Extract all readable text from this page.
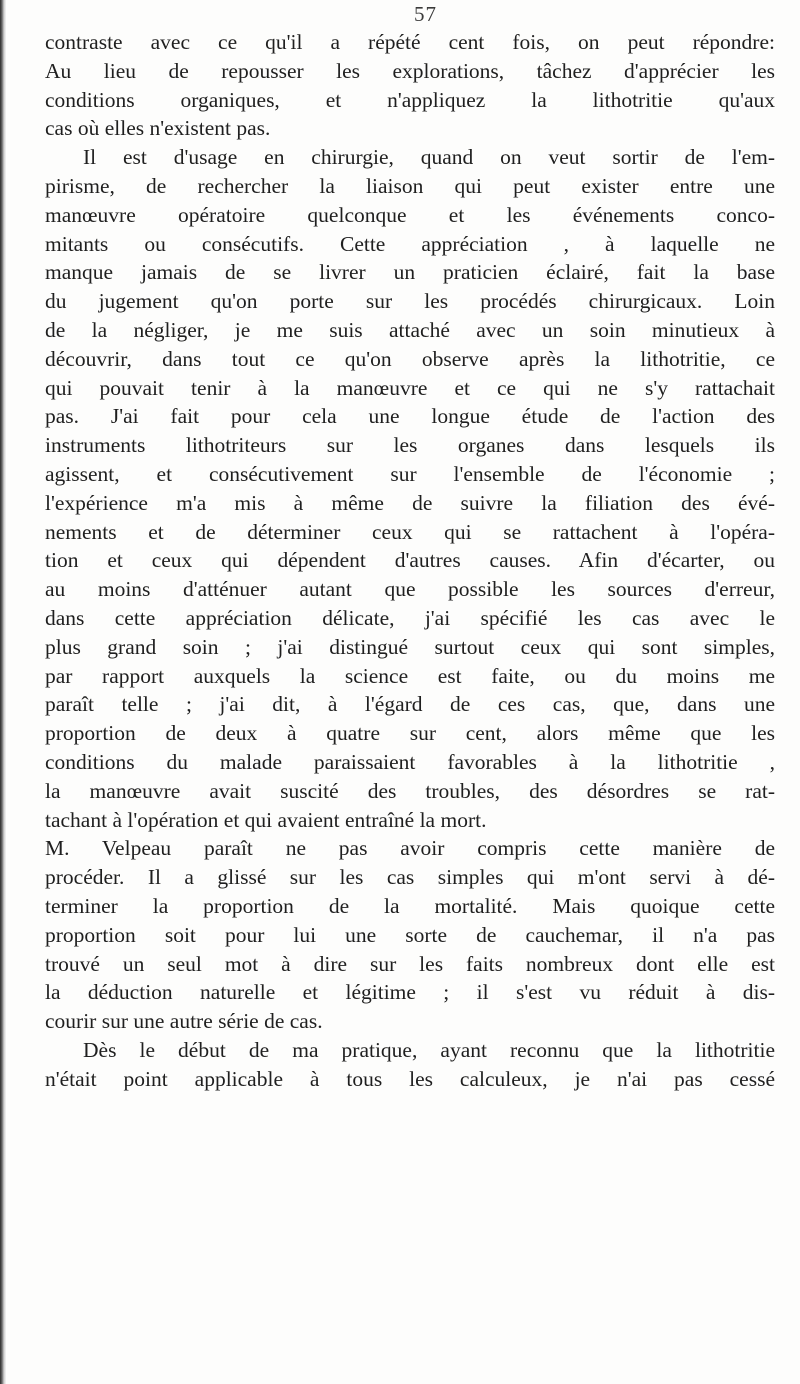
57
contraste avec ce qu'il a répété cent fois, on peut répondre:
Au lieu de repousser les explorations, tâchez d'apprécier les
conditions organiques, et n'appliquez la lithotritie qu'aux
cas où elles n'existent pas.
Il est d'usage en chirurgie, quand on veut sortir de l'em-
pirisme, de rechercher la liaison qui peut exister entre une
manœuvre opératoire quelconque et les événements conco-
mitants ou consécutifs. Cette appréciation , à laquelle ne
manque jamais de se livrer un praticien éclairé, fait la base
du jugement qu'on porte sur les procédés chirurgicaux. Loin
de la négliger, je me suis attaché avec un soin minutieux à
découvrir, dans tout ce qu'on observe après la lithotritie, ce
qui pouvait tenir à la manœuvre et ce qui ne s'y rattachait
pas. J'ai fait pour cela une longue étude de l'action des
instruments lithotriteurs sur les organes dans lesquels ils
agissent, et consécutivement sur l'ensemble de l'économie ;
l'expérience m'a mis à même de suivre la filiation des évé-
nements et de déterminer ceux qui se rattachent à l'opéra-
tion et ceux qui dépendent d'autres causes. Afin d'écarter, ou
au moins d'atténuer autant que possible les sources d'erreur,
dans cette appréciation délicate, j'ai spécifié les cas avec le
plus grand soin ; j'ai distingué surtout ceux qui sont simples,
par rapport auxquels la science est faite, ou du moins me
paraît telle ; j'ai dit, à l'égard de ces cas, que, dans une
proportion de deux à quatre sur cent, alors même que les
conditions du malade paraissaient favorables à la lithotritie ,
la manœuvre avait suscité des troubles, des désordres se rat-
tachant à l'opération et qui avaient entraîné la mort.
M. Velpeau paraît ne pas avoir compris cette manière de
procéder. Il a glissé sur les cas simples qui m'ont servi à dé-
terminer la proportion de la mortalité. Mais quoique cette
proportion soit pour lui une sorte de cauchemar, il n'a pas
trouvé un seul mot à dire sur les faits nombreux dont elle est
la déduction naturelle et légitime ; il s'est vu réduit à dis-
courir sur une autre série de cas.
Dès le début de ma pratique, ayant reconnu que la lithotritie
n'était point applicable à tous les calculeux, je n'ai pas cessé
